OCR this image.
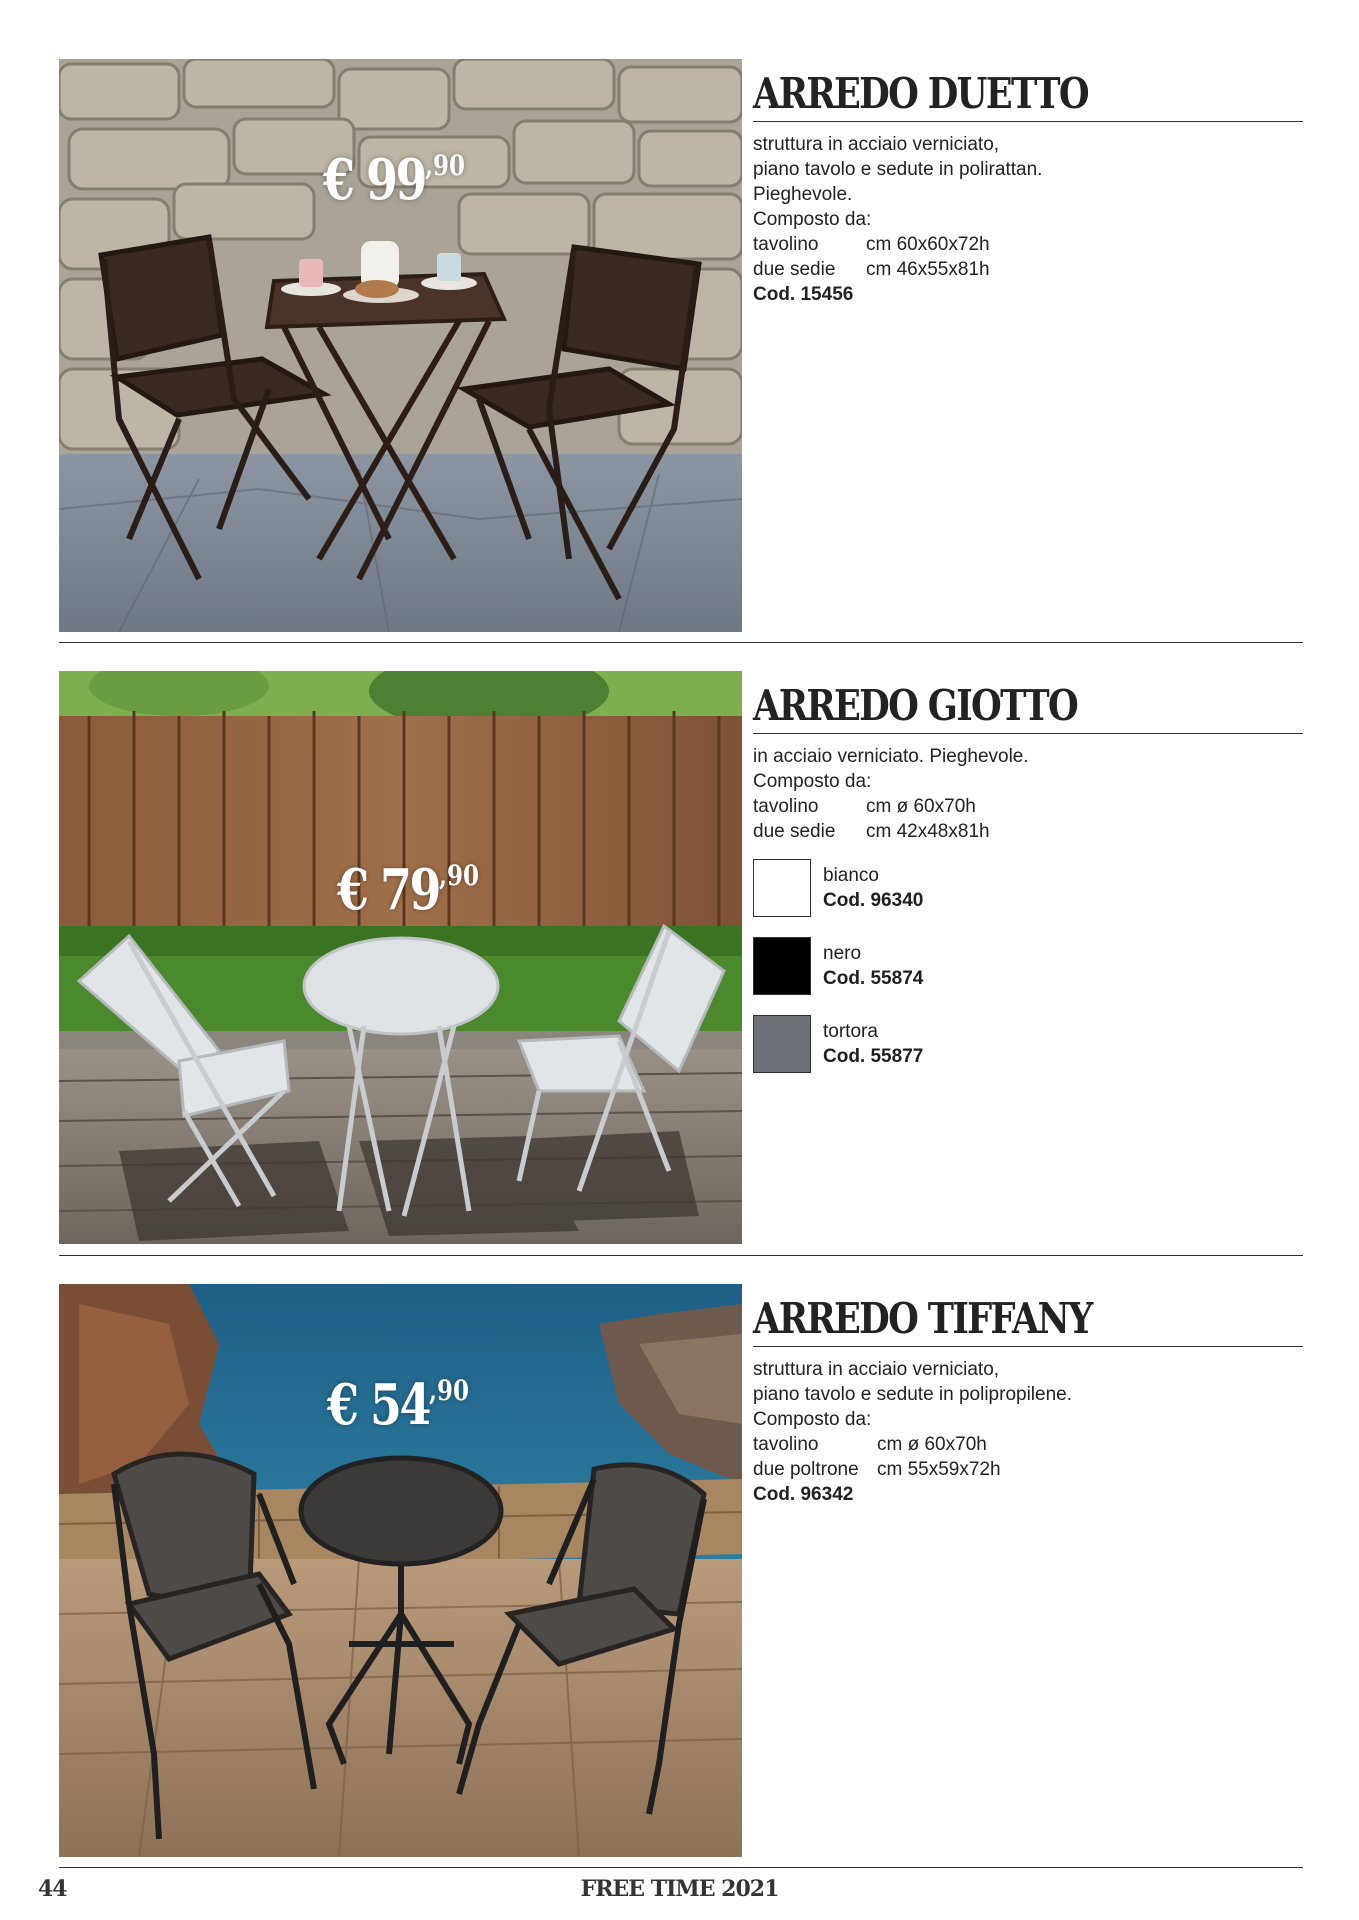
€ $99^{,90}$
ARREDO DUETTO
struttura in acciaio verniciato,
piano tavolo e sedute in polirattan.
Pieghevole.
Composto da:
tavolino	cm 60x60x72h
due sedie	cm 46x55x81h
Cod. 15456
€ $79^{,90}$
ARREDO GIOTTO
in acciaio verniciato. Pieghevole.
Composto da:
tavolino	cm ø 60x70h
due sedie	cm 42x48x81h
bianco
Cod. 96340
nero
Cod. 55874
tortora
Cod. 55877
€ $54^{,90}$
ARREDO TIFFANY
struttura in acciaio verniciato,
piano tavolo e sedute in polipropilene.
Composto da:
tavolino	cm ø 60x70h
due poltrone cm 55x59x72h
Cod. 96342
44	FREE TIME 2021
